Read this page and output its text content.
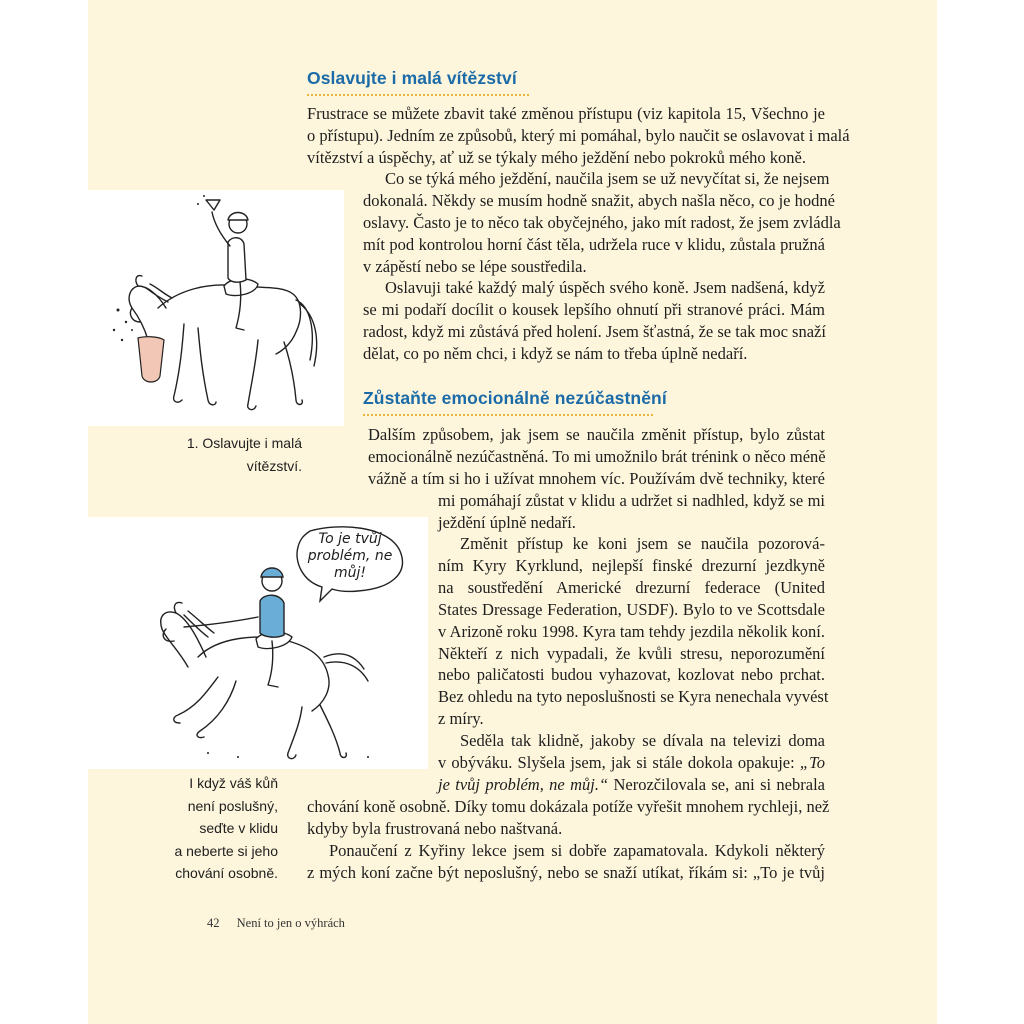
Oslavujte i malá vítězství
Frustrace se můžete zbavit také změnou přístupu (viz kapitola 15, Všechno je
o přístupu). Jedním ze způsobů, který mi pomáhal, bylo naučit se oslavovat i malá
vítězství a úspěchy, ať už se týkaly mého ježdění nebo pokroků mého koně.
Co se týká mého ježdění, naučila jsem se už nevyčítat si, že nejsem
dokonalá. Někdy se musím hodně snažit, abych našla něco, co je hodné
oslavy. Často je to něco tak obyčejného, jako mít radost, že jsem zvládla
mít pod kontrolou horní část těla, udržela ruce v klidu, zůstala pružná
v zápěstí nebo se lépe soustředila.
Oslavuji také každý malý úspěch svého koně. Jsem nadšená, když
se mi podaří docílit o kousek lepšího ohnutí při stranové práci. Mám
radost, když mi zůstává před holení. Jsem šťastná, že se tak moc snaží
dělat, co po něm chci, i když se nám to třeba úplně nedaří.
Zůstaňte emocionálně nezúčastnění
Dalším způsobem, jak jsem se naučila změnit přístup, bylo zůstat
emocionálně nezúčastněná. To mi umožnilo brát trénink o něco méně
vážně a tím si ho i užívat mnohem víc. Používám dvě techniky, které
mi pomáhají zůstat v klidu a udržet si nadhled, když se mi
ježdění úplně nedaří.
Změnit přístup ke koni jsem se naučila pozorová-
ním Kyry Kyrklund, nejlepší finské drezurní jezdkyně
na soustředění Americké drezurní federace (United
States Dressage Federation, USDF). Bylo to ve Scottsdale
v Arizoně roku 1998. Kyra tam tehdy jezdila několik koní.
Někteří z nich vypadali, že kvůli stresu, neporozumění
nebo paličatosti budou vyhazovat, kozlovat nebo prchat.
Bez ohledu na tyto neposlušnosti se Kyra nenechala vyvést
z míry.
Seděla tak klidně, jakoby se dívala na televizi doma
v obýváku. Slyšela jsem, jak si stále dokola opakuje: „To
je tvůj problém, ne můj.“ Nerozčilovala se, ani si nebrala
chování koně osobně. Díky tomu dokázala potíže vyřešit mnohem rychleji, než
kdyby byla frustrovaná nebo naštvaná.
Ponaučení z Kyřiny lekce jsem si dobře zapamatovala. Kdykoli některý
z mých koní začne být neposlušný, nebo se snaží utíkat, říkám si: „To je tvůj
1. Oslavujte i malá
vítězství.
To je tvůj
problém, ne
můj!
I když váš kůň
není poslušný,
seďte v klidu
a neberte si jeho
chování osobně.
42 Není to jen o výhrách
